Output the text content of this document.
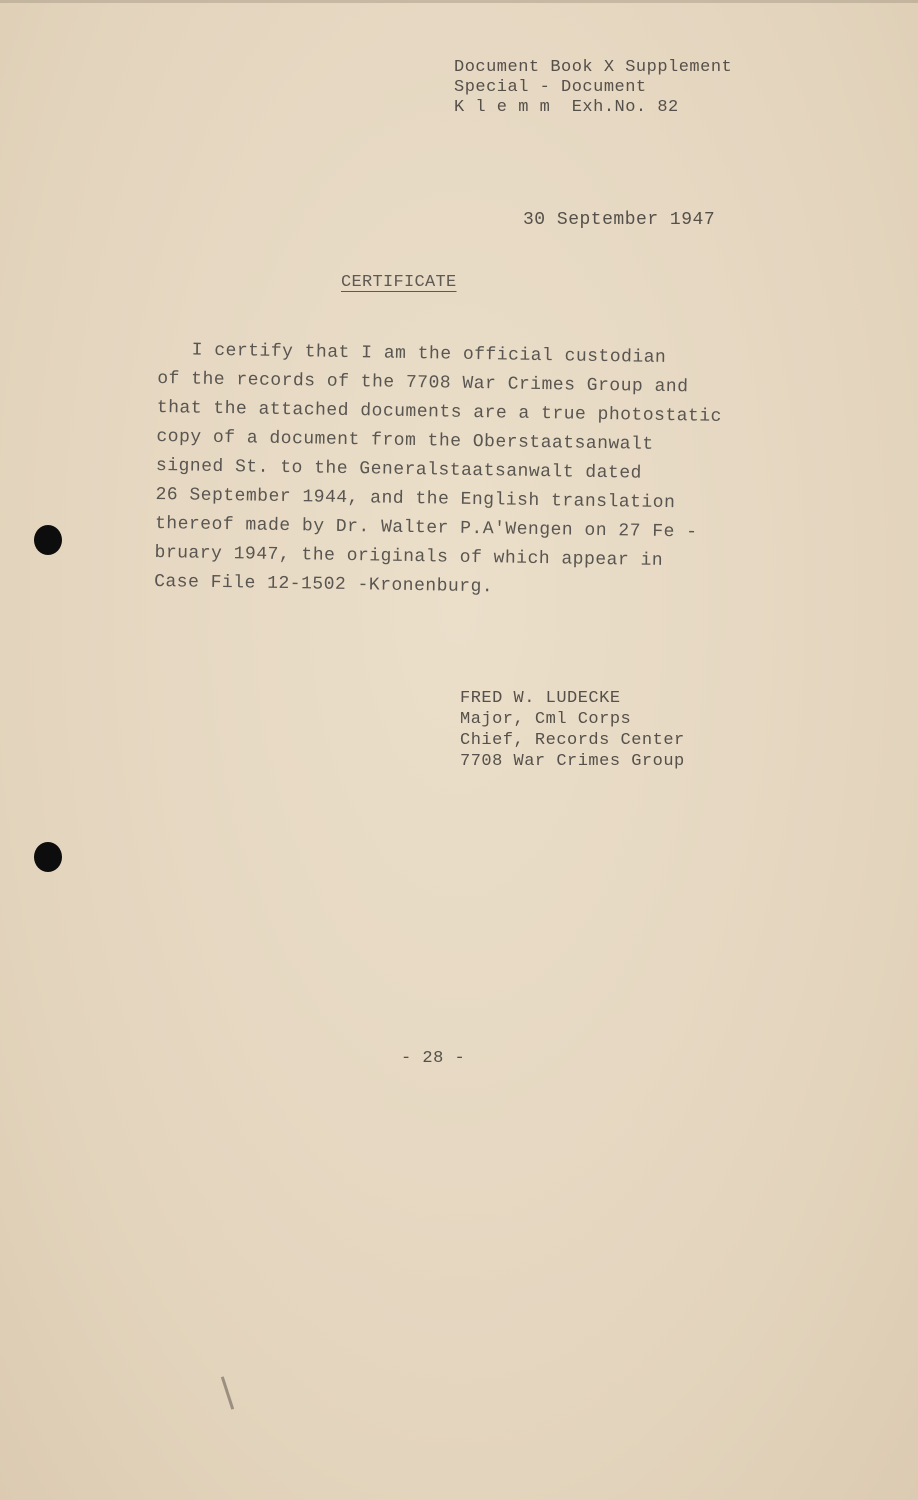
Document Book X Supplement
Special - Document
K l e m m  Exh.No. 82
30 September 1947
CERTIFICATE
I certify that I am the official custodian
of the records of the 7708 War Crimes Group and
that the attached documents are a true photostatic
copy of a document from the Oberstaatsanwalt
signed St. to the Generalstaatsanwalt dated
26 September 1944, and the English translation
thereof made by Dr. Walter P.A'Wengen on 27 Fe -
bruary 1947, the originals of which appear in
Case File 12-1502 -Kronenburg.
FRED W. LUDECKE
Major, Cml Corps
Chief, Records Center
7708 War Crimes Group
- 28 -
